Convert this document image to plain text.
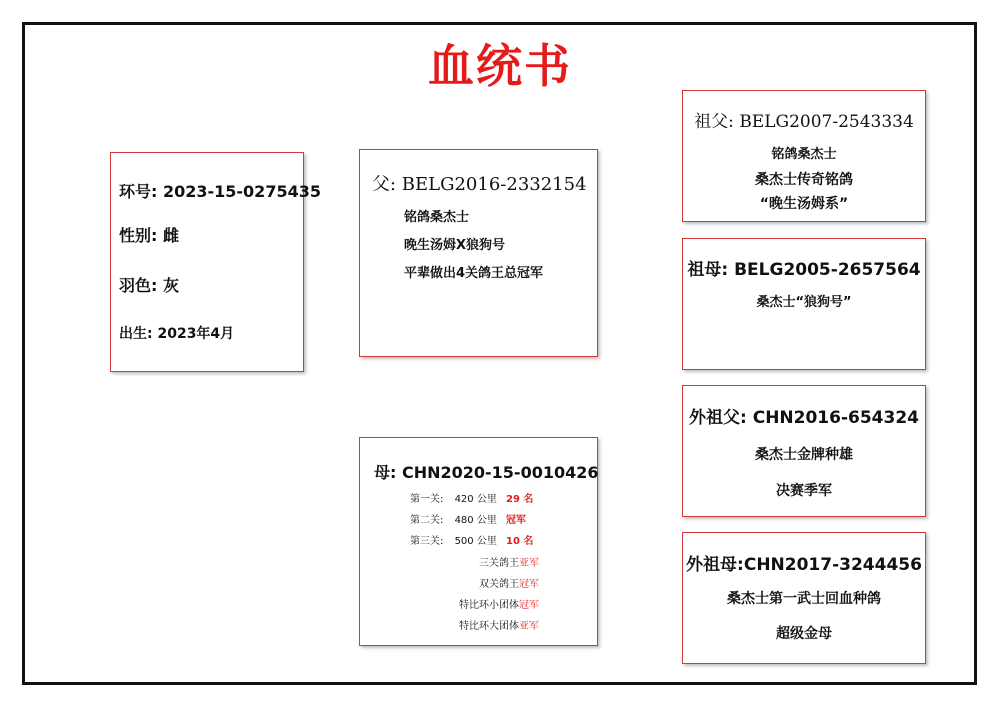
血统书
环号: 2023-15-0275435
性别: 雌
羽色: 灰
出生: 2023年4月
父: BELG2016-2332154
铭鸽桑杰士
晚生汤姆X狼狗号
平辈做出4关鸽王总冠军
母: CHN2020-15-0010426
第一关: 420 公里 29 名
第二关: 480 公里 冠军
第三关: 500 公里 10 名
三关鸽王亚军
双关鸽王冠军
特比环小团体冠军
特比环大团体亚军
祖父: BELG2007-2543334
铭鸽桑杰士
桑杰士传奇铭鸽
“晚生汤姆系”
祖母: BELG2005-2657564
桑杰士“狼狗号”
外祖父: CHN2016-654324
桑杰士金牌种雄
决赛季军
外祖母:CHN2017-3244456
桑杰士第一武士回血种鸽
超级金母
